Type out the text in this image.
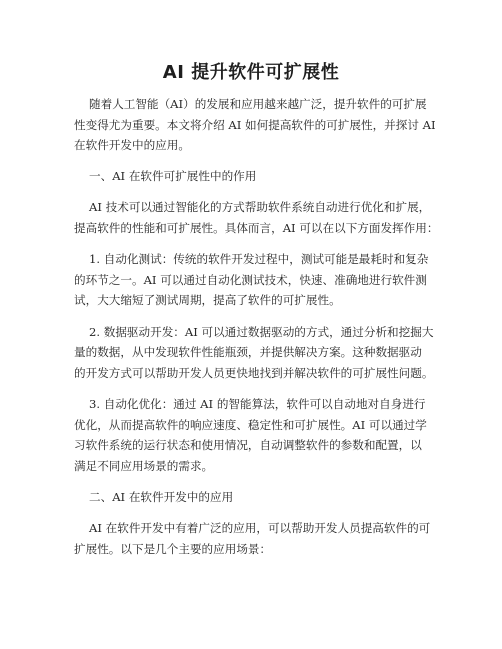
AI 提升软件可扩展性
随着人工智能（AI）的发展和应用越来越广泛，提升软件的可扩展
性变得尤为重要。本文将介绍 AI 如何提高软件的可扩展性，并探讨 AI
在软件开发中的应用。
一、AI 在软件可扩展性中的作用
AI 技术可以通过智能化的方式帮助软件系统自动进行优化和扩展，
提高软件的性能和可扩展性。具体而言，AI 可以在以下方面发挥作用：
1. 自动化测试：传统的软件开发过程中，测试可能是最耗时和复杂
的环节之一。AI 可以通过自动化测试技术，快速、准确地进行软件测
试，大大缩短了测试周期，提高了软件的可扩展性。
2. 数据驱动开发：AI 可以通过数据驱动的方式，通过分析和挖掘大
量的数据，从中发现软件性能瓶颈，并提供解决方案。这种数据驱动
的开发方式可以帮助开发人员更快地找到并解决软件的可扩展性问题。
3. 自动化优化：通过 AI 的智能算法，软件可以自动地对自身进行
优化，从而提高软件的响应速度、稳定性和可扩展性。AI 可以通过学
习软件系统的运行状态和使用情况，自动调整软件的参数和配置，以
满足不同应用场景的需求。
二、AI 在软件开发中的应用
AI 在软件开发中有着广泛的应用，可以帮助开发人员提高软件的可
扩展性。以下是几个主要的应用场景：
